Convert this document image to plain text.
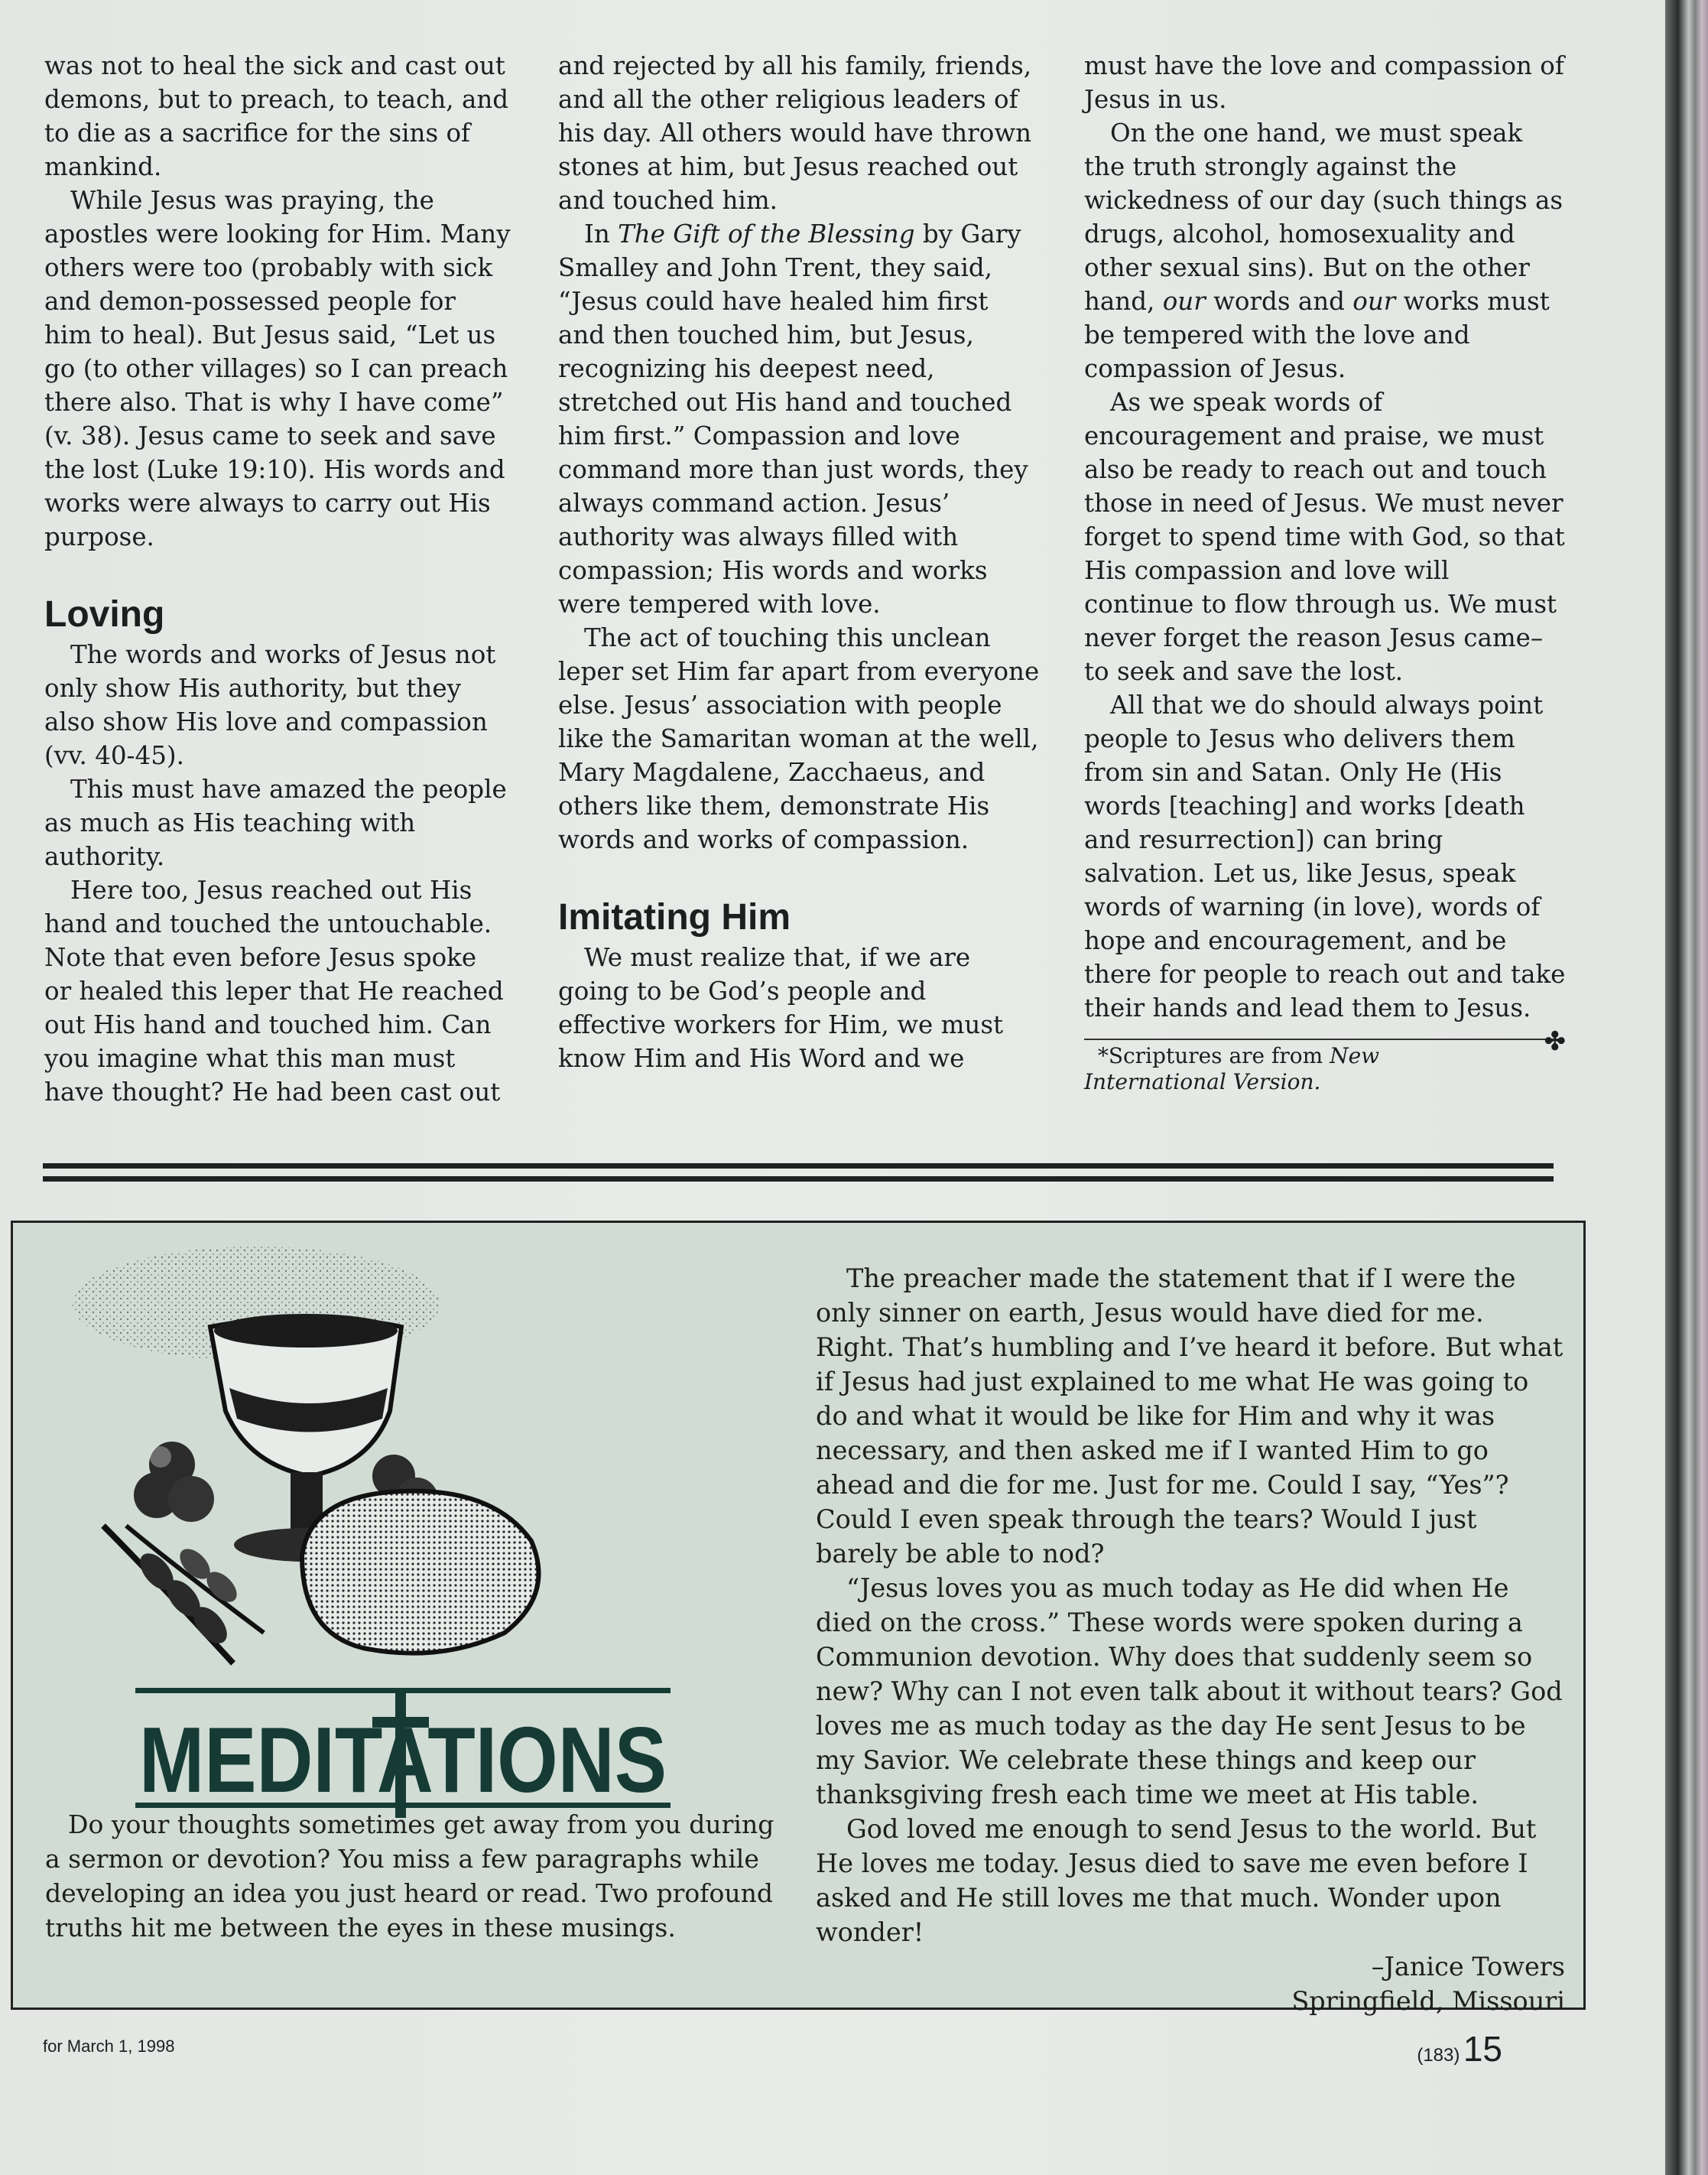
was not to heal the sick and cast out demons, but to preach, to teach, and to die as a sacrifice for the sins of mankind.

While Jesus was praying, the apostles were looking for Him. Many others were too (probably with sick and demon-possessed people for him to heal). But Jesus said, “Let us go (to other villages) so I can preach there also. That is why I have come” (v. 38). Jesus came to seek and save the lost (Luke 19:10). His words and works were always to carry out His purpose.

Loving

The words and works of Jesus not only show His authority, but they also show His love and compassion (vv. 40-45).

This must have amazed the people as much as His teaching with authority.

Here too, Jesus reached out His hand and touched the untouchable. Note that even before Jesus spoke or healed this leper that He reached out His hand and touched him. Can you imagine what this man must have thought? He had been cast out

and rejected by all his family, friends, and all the other religious leaders of his day. All others would have thrown stones at him, but Jesus reached out and touched him.

In The Gift of the Blessing by Gary Smalley and John Trent, they said, “Jesus could have healed him first and then touched him, but Jesus, recognizing his deepest need, stretched out His hand and touched him first.” Compassion and love command more than just words, they always command action. Jesus’ authority was always filled with compassion; His words and works were tempered with love.

The act of touching this unclean leper set Him far apart from everyone else. Jesus’ association with people like the Samaritan woman at the well, Mary Magdalene, Zacchaeus, and others like them, demonstrate His words and works of compassion.

Imitating Him

We must realize that, if we are going to be God’s people and effective workers for Him, we must know Him and His Word and we

must have the love and compassion of Jesus in us.

On the one hand, we must speak the truth strongly against the wickedness of our day (such things as drugs, alcohol, homosexuality and other sexual sins). But on the other hand, our words and our works must be tempered with the love and compassion of Jesus.

As we speak words of encouragement and praise, we must also be ready to reach out and touch those in need of Jesus. We must never forget to spend time with God, so that His compassion and love will continue to flow through us. We must never forget the reason Jesus came–to seek and save the lost.

All that we do should always point people to Jesus who delivers them from sin and Satan. Only He (His words [teaching] and works [death and resurrection]) can bring salvation. Let us, like Jesus, speak words of warning (in love), words of hope and encouragement, and be there for people to reach out and take their hands and lead them to Jesus.
✤

*Scriptures are from New International Version.
MEDITATIONS

Do your thoughts sometimes get away from you during a sermon or devotion? You miss a few paragraphs while developing an idea you just heard or read. Two profound truths hit me between the eyes in these musings.

The preacher made the statement that if I were the only sinner on earth, Jesus would have died for me. Right. That’s humbling and I’ve heard it before. But what if Jesus had just explained to me what He was going to do and what it would be like for Him and why it was necessary, and then asked me if I wanted Him to go ahead and die for me. Just for me. Could I say, “Yes”? Could I even speak through the tears? Would I just barely be able to nod?

“Jesus loves you as much today as He did when He died on the cross.” These words were spoken during a Communion devotion. Why does that suddenly seem so new? Why can I not even talk about it without tears? God loves me as much today as the day He sent Jesus to be my Savior. We celebrate these things and keep our thanksgiving fresh each time we meet at His table.

God loved me enough to send Jesus to the world. But He loves me today. Jesus died to save me even before I asked and He still loves me that much. Wonder upon wonder!

–Janice Towers
Springfield, Missouri
for March 1, 1998	(183) 15
